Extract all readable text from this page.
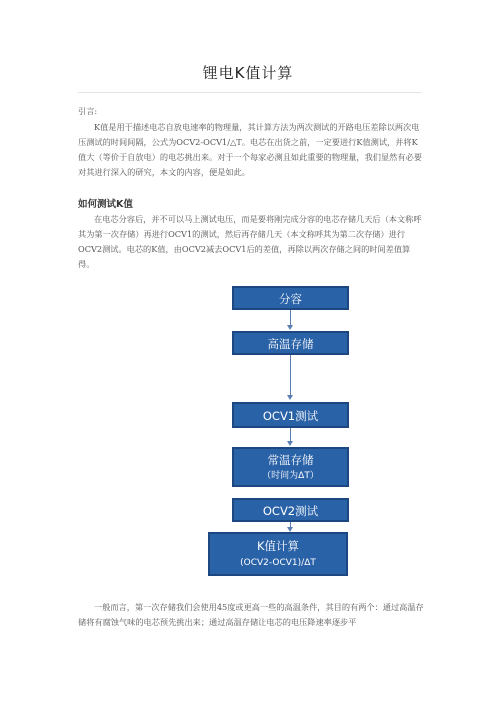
锂电K值计算
引言:

K值是用于描述电芯自放电速率的物理量，其计算方法为两次测试的开路电压差除以两次电压测试的时间间隔，公式为OCV2-OCV1/△T。电芯在出货之前，一定要进行K值测试，并将K值大（等价于自放电）的电芯挑出来。对于一个每家必测且如此重要的物理量，我们显然有必要对其进行深入的研究，本文的内容，便是如此。

如何测试K值

在电芯分容后，并不可以马上测试电压，而是要将刚完成分容的电芯存储几天后（本文称呼其为第一次存储）再进行OCV1的测试，然后再存储几天（本文称呼其为第二次存储）进行OCV2测试。电芯的K值，由OCV2减去OCV1后的差值，再除以两次存储之间的时间差值算得。

分容
高温存储
OCV1测试
常温存储
（时间为ΔT）
OCV2测试
K值计算
(OCV2-OCV1)/ΔT

一般而言，第一次存储我们会使用45度或更高一些的高温条件，其目的有两个：通过高温存储将有腐蚀气味的电芯预先挑出来；通过高温存储让电芯的电压降速率逐步平
